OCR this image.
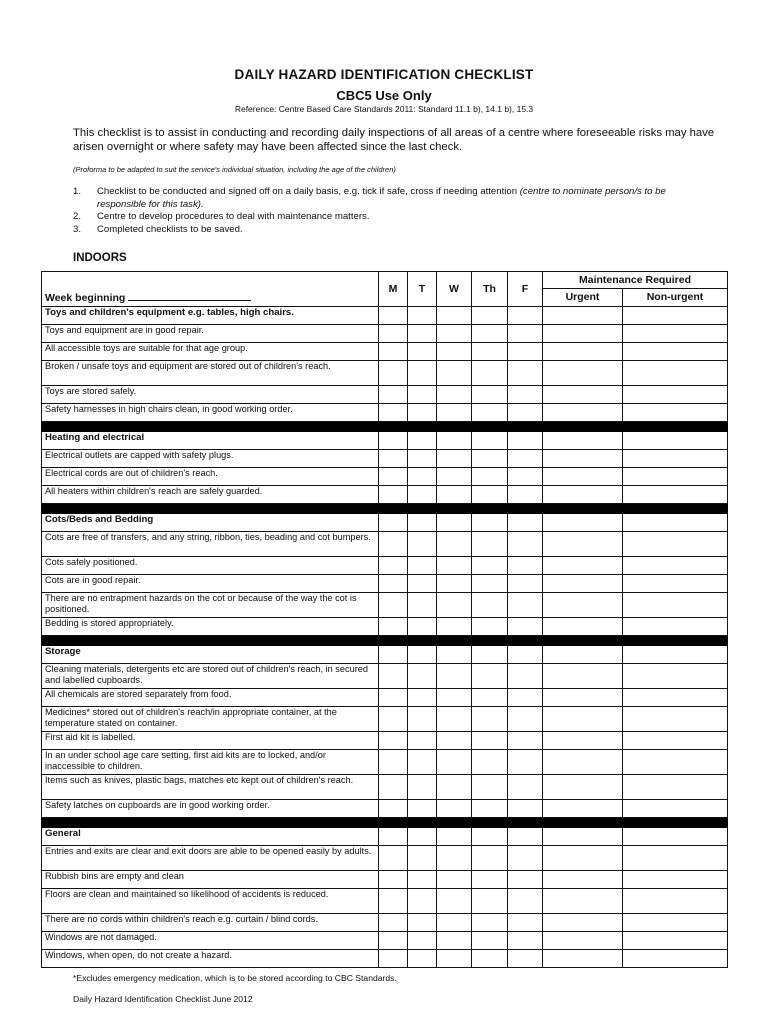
DAILY HAZARD IDENTIFICATION CHECKLIST
CBC5 Use Only
Reference: Centre Based Care Standards 2011: Standard 11.1 b), 14.1 b), 15.3
This checklist is to assist in conducting and recording daily inspections of all areas of a centre where foreseeable risks may have arisen overnight or where safety may have been affected since the last check.
(Proforma to be adapted to suit the service's individual situation, including the age of the children)
1.	Checklist to be conducted and signed off on a daily basis, e.g. tick if safe, cross if needing attention (centre to nominate person/s to be responsible for this task).
2.	Centre to develop procedures to deal with maintenance matters.
3.	Completed checklists to be saved.
INDOORS
Week beginning	M	T	W	Th	F	Maintenance Required	
						Urgent	Non-urgent
Toys and children's equipment e.g. tables, high chairs.							
Toys and equipment are in good repair.							
All accessible toys are suitable for that age group.							
Broken / unsafe toys and equipment are stored out of children's reach.							
Toys are stored safely.							
Safety harnesses in high chairs clean, in good working order.							

Heating and electrical							
Electrical outlets are capped with safety plugs.							
Electrical cords are out of children's reach.							
All heaters within children's reach are safely guarded.							

Cots/Beds and Bedding							
Cots are free of transfers, and any string, ribbon, ties, beading and cot bumpers.							
Cots safely positioned.							
Cots are in good repair.							
There are no entrapment hazards on the cot or because of the way the cot is positioned.							
Bedding is stored appropriately.							

Storage							
Cleaning materials, detergents etc are stored out of children's reach, in secured and labelled cupboards.							
All chemicals are stored separately from food.							
Medicines* stored out of children's reach/in appropriate container, at the temperature stated on container.							
First aid kit is labelled.							
In an under school age care setting, first aid kits are to locked, and/or inaccessible to children.							
Items such as knives, plastic bags, matches etc kept out of children's reach.							
Safety latches on cupboards are in good working order.							

General							
Entries and exits are clear and exit doors are able to be opened easily by adults.							
Rubbish bins are empty and clean							
Floors are clean and maintained so likelihood of accidents is reduced.							
There are no cords within children's reach e.g. curtain / blind cords.							
Windows are not damaged.							
Windows, when open, do not create a hazard.							
*Excludes emergency medication, which is to be stored according to CBC Standards.
Daily Hazard Identification Checklist June 2012
